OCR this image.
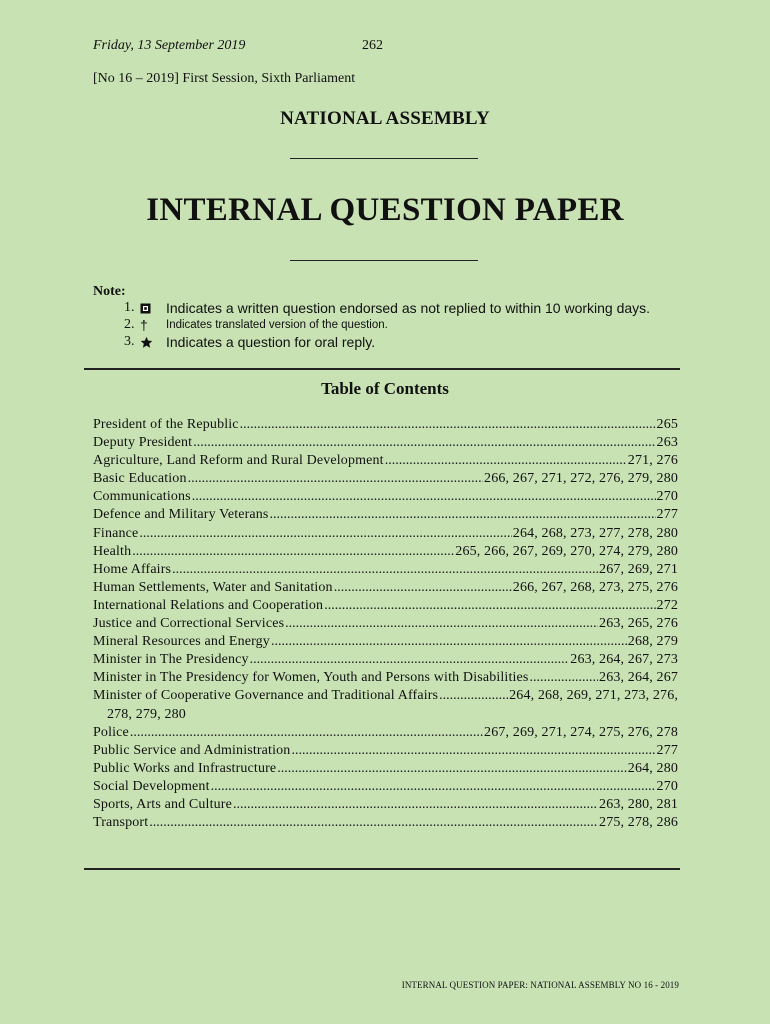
Friday, 13 September 2019	262
[No 16 – 2019] First Session, Sixth Parliament
NATIONAL ASSEMBLY
INTERNAL QUESTION PAPER
Note:
1.	Indicates a written question endorsed as not replied to within 10 working days.
2. †	Indicates translated version of the question.
3.	Indicates a question for oral reply.
Table of Contents
President of the Republic .....	265
Deputy President .....	263
Agriculture, Land Reform and Rural Development .....	271, 276
Basic Education .....	266, 267, 271, 272, 276, 279, 280
Communications .....	270
Defence and Military Veterans .....	277
Finance .....	264, 268, 273, 277, 278, 280
Health .....	265, 266, 267, 269, 270, 274, 279, 280
Home Affairs .....	267, 269, 271
Human Settlements, Water and Sanitation .....	266, 267, 268, 273, 275, 276
International Relations and Cooperation .....	272
Justice and Correctional Services .....	263, 265, 276
Mineral Resources and Energy .....	268, 279
Minister in The Presidency .....	263, 264, 267, 273
Minister in The Presidency for Women, Youth and Persons with Disabilities .....	263, 264, 267
Minister of Cooperative Governance and Traditional Affairs .....	264, 268, 269, 271, 273, 276,
278, 279, 280
Police .....	267, 269, 271, 274, 275, 276, 278
Public Service and Administration .....	277
Public Works and Infrastructure .....	264, 280
Social Development .....	270
Sports, Arts and Culture .....	263, 280, 281
Transport .....	275, 278, 286
INTERNAL QUESTION PAPER: NATIONAL ASSEMBLY NO 16 - 2019
